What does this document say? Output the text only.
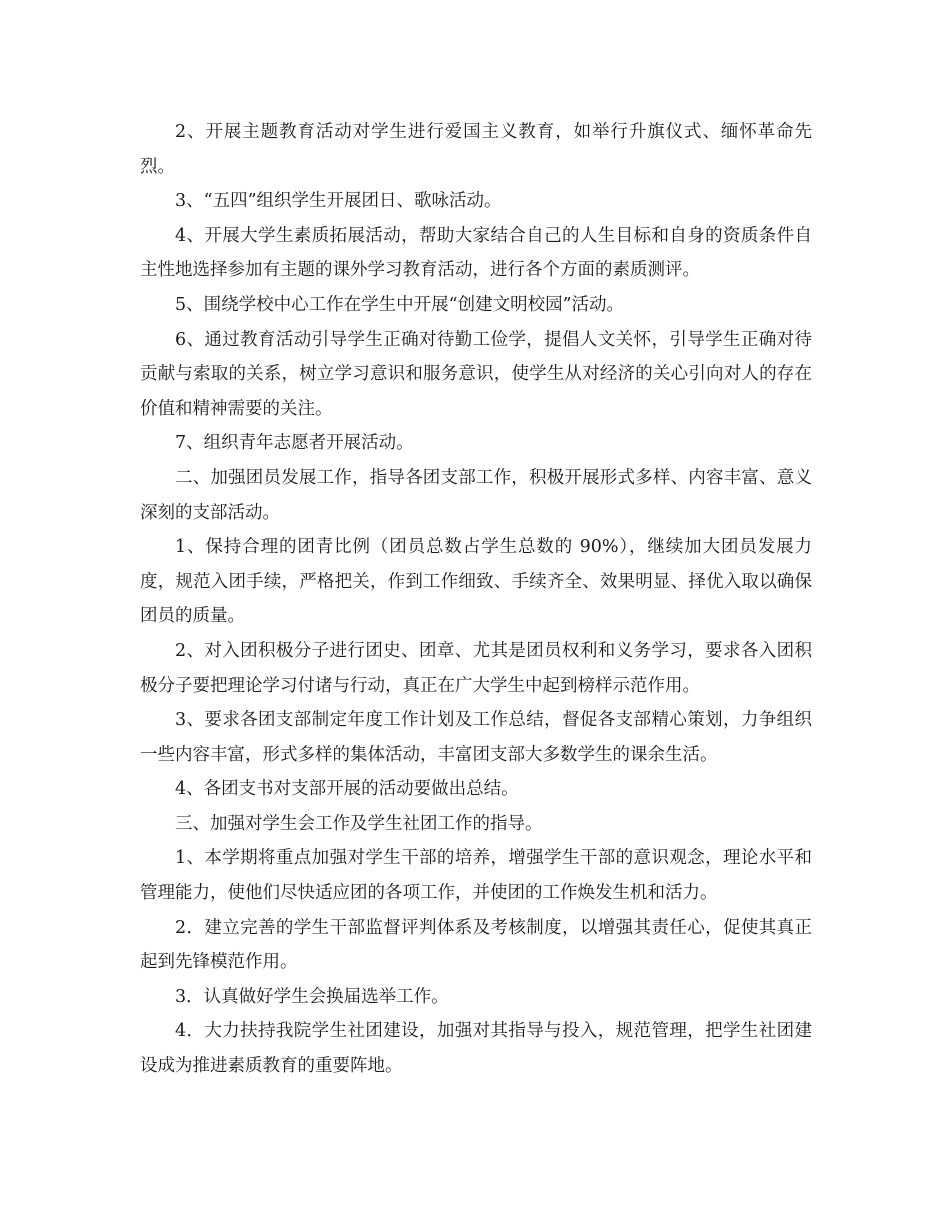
2、开展主题教育活动对学生进行爱国主义教育，如举行升旗仪式、缅怀革命先烈。

3、“五四”组织学生开展团日、歌咏活动。

4、开展大学生素质拓展活动，帮助大家结合自己的人生目标和自身的资质条件自主性地选择参加有主题的课外学习教育活动，进行各个方面的素质测评。

5、围绕学校中心工作在学生中开展“创建文明校园”活动。

6、通过教育活动引导学生正确对待勤工俭学，提倡人文关怀，引导学生正确对待贡献与索取的关系，树立学习意识和服务意识，使学生从对经济的关心引向对人的存在价值和精神需要的关注。

7、组织青年志愿者开展活动。

二、加强团员发展工作，指导各团支部工作，积极开展形式多样、内容丰富、意义深刻的支部活动。

1、保持合理的团青比例（团员总数占学生总数的 90%），继续加大团员发展力度，规范入团手续，严格把关，作到工作细致、手续齐全、效果明显、择优入取以确保团员的质量。

2、对入团积极分子进行团史、团章、尤其是团员权利和义务学习，要求各入团积极分子要把理论学习付诸与行动，真正在广大学生中起到榜样示范作用。

3、要求各团支部制定年度工作计划及工作总结，督促各支部精心策划，力争组织一些内容丰富，形式多样的集体活动，丰富团支部大多数学生的课余生活。

4、各团支书对支部开展的活动要做出总结。

三、加强对学生会工作及学生社团工作的指导。

1、本学期将重点加强对学生干部的培养，增强学生干部的意识观念，理论水平和管理能力，使他们尽快适应团的各项工作，并使团的工作焕发生机和活力。

2．建立完善的学生干部监督评判体系及考核制度，以增强其责任心，促使其真正起到先锋模范作用。

3．认真做好学生会换届选举工作。

4．大力扶持我院学生社团建设，加强对其指导与投入，规范管理，把学生社团建设成为推进素质教育的重要阵地。
